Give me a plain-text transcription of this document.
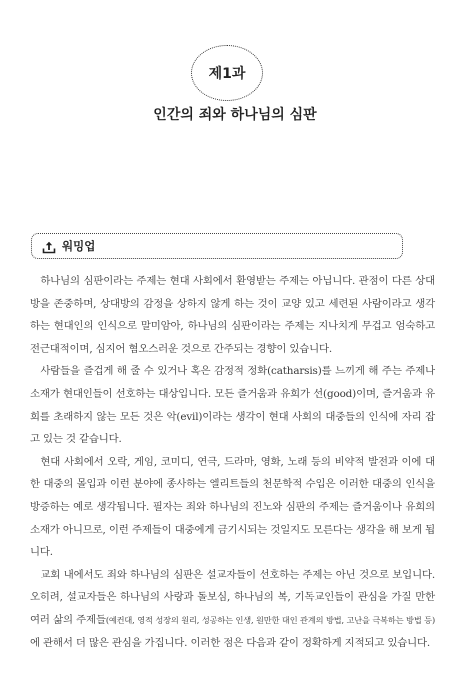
제1과
인간의 죄와 하나님의 심판
워밍업

하나님의 심판이라는 주제는 현대 사회에서 환영받는 주제는 아닙니다. 관점이 다른 상대방을 존중하며, 상대방의 감정을 상하지 않게 하는 것이 교양 있고 세련된 사람이라고 생각하는 현대인의 인식으로 말미암아, 하나님의 심판이라는 주제는 지나치게 무겁고 엄숙하고 전근대적이며, 심지어 혐오스러운 것으로 간주되는 경향이 있습니다.

사람들을 즐겁게 해 줄 수 있거나 혹은 감정적 정화(catharsis)를 느끼게 해 주는 주제나 소재가 현대인들이 선호하는 대상입니다. 모든 즐거움과 유희가 선(good)이며, 즐거움과 유희를 초래하지 않는 모든 것은 악(evil)이라는 생각이 현대 사회의 대중들의 인식에 자리 잡고 있는 것 같습니다.

현대 사회에서 오락, 게임, 코미디, 연극, 드라마, 영화, 노래 등의 비약적 발전과 이에 대한 대중의 몰입과 이런 분야에 종사하는 엘리트들의 천문학적 수입은 이러한 대중의 인식을 방증하는 예로 생각됩니다. 필자는 죄와 하나님의 진노와 심판의 주제는 즐거움이나 유희의 소재가 아니므로, 이런 주제들이 대중에게 금기시되는 것일지도 모른다는 생각을 해 보게 됩니다.

교회 내에서도 죄와 하나님의 심판은 설교자들이 선호하는 주제는 아닌 것으로 보입니다. 오히려, 설교자들은 하나님의 사랑과 돌보심, 하나님의 복, 기독교인들이 관심을 가질 만한 여러 삶의 주제들(예컨대, 영적 성장의 원리, 성공하는 인생, 원만한 대인 관계의 방법, 고난을 극복하는 방법 등)에 관해서 더 많은 관심을 가집니다. 이러한 점은 다음과 같이 정확하게 지적되고 있습니다.
